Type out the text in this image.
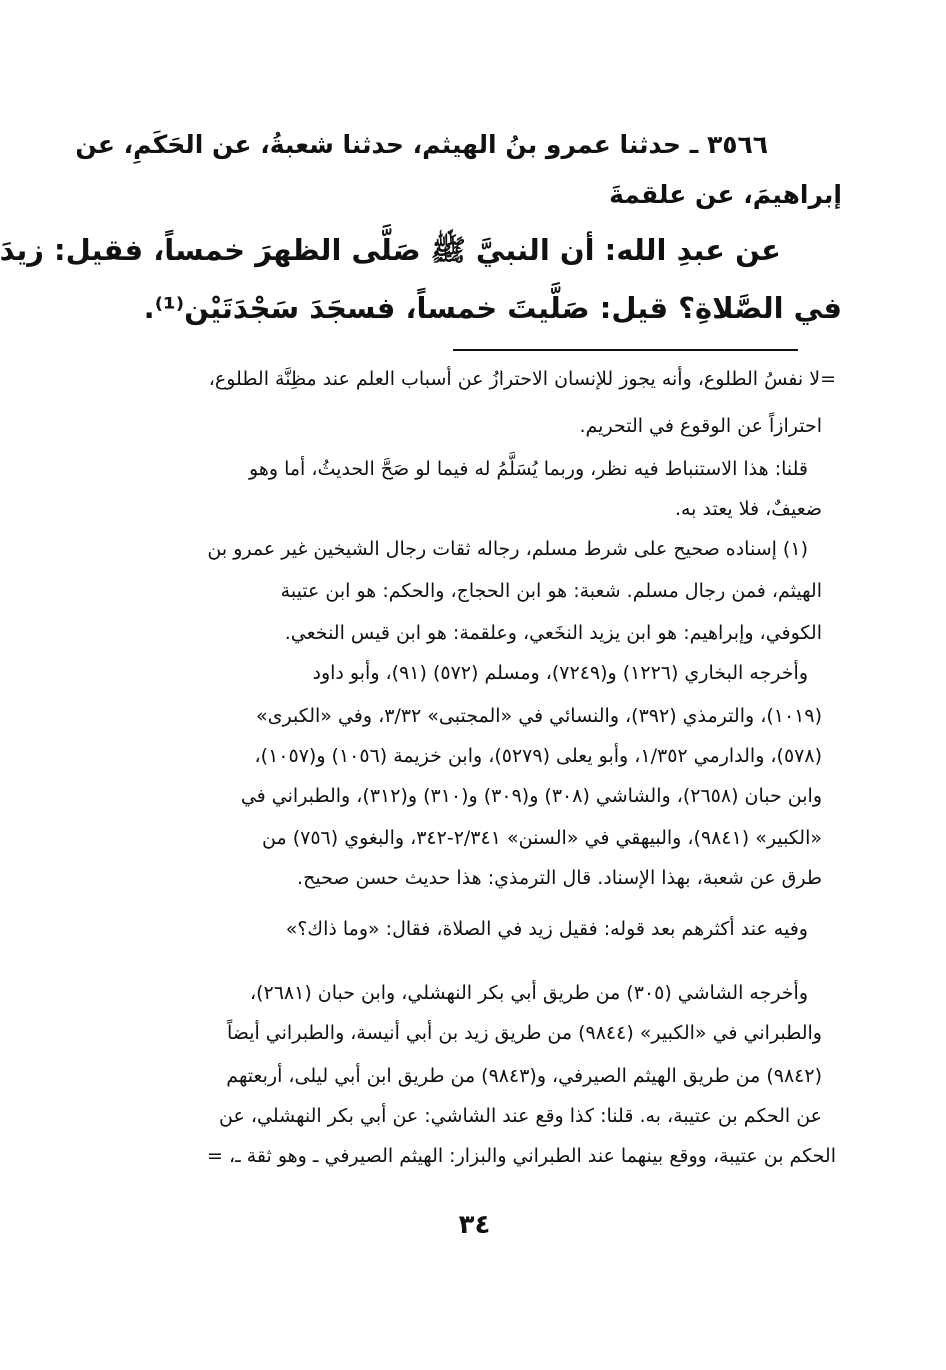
٣٥٦٦ ـ حدثنا عمرو بنُ الهيثم، حدثنا شعبةُ، عن الحَكَمِ، عن
إبراهيمَ، عن علقمةَ
عن عبدِ الله: أن النبيَّ ﷺ صَلَّى الظهرَ خمساً، فقيل: زيدَ
في الصَّلاةِ؟ قيل: صَلَّيتَ خمساً، فسجَدَ سَجْدَتَيْن⁽¹⁾.
=لا نفسُ الطلوع، وأنه يجوز للإنسان الاحترازُ عن أسباب العلم عند مظِنَّة الطلوع،
احترازاً عن الوقوع في التحريم.
قلنا: هذا الاستنباط فيه نظر، وربما يُسَلَّمُ له فيما لو صَحَّ الحديثُ، أما وهو
ضعيفٌ، فلا يعتد به.
(١) إسناده صحيح على شرط مسلم، رجاله ثقات رجال الشيخين غير عمرو بن
الهيثم، فمن رجال مسلم. شعبة: هو ابن الحجاج، والحكم: هو ابن عتيبة
الكوفي، وإبراهيم: هو ابن يزيد النخَعي، وعلقمة: هو ابن قيس النخعي.
وأخرجه البخاري (١٢٢٦) و(٧٢٤٩)، ومسلم (٥٧٢) (٩١)، وأبو داود
(١٠١٩)، والترمذي (٣٩٢)، والنسائي في «المجتبى» ٣/٣٢، وفي «الكبرى»
(٥٧٨)، والدارمي ١/٣٥٢، وأبو يعلى (٥٢٧٩)، وابن خزيمة (١٠٥٦) و(١٠٥٧)،
وابن حبان (٢٦٥٨)، والشاشي (٣٠٨) و(٣٠٩) و(٣١٠) و(٣١٢)، والطبراني في
«الكبير» (٩٨٤١)، والبيهقي في «السنن» ٢/٣٤١-٣٤٢، والبغوي (٧٥٦) من
طرق عن شعبة، بهذا الإسناد. قال الترمذي: هذا حديث حسن صحيح.
وفيه عند أكثرهم بعد قوله: فقيل زيد في الصلاة، فقال: «وما ذاك؟»
وأخرجه الشاشي (٣٠٥) من طريق أبي بكر النهشلي، وابن حبان (٢٦٨١)،
والطبراني في «الكبير» (٩٨٤٤) من طريق زيد بن أبي أنيسة، والطبراني أيضاً
(٩٨٤٢) من طريق الهيثم الصيرفي، و(٩٨٤٣) من طريق ابن أبي ليلى، أربعتهم
عن الحكم بن عتيبة، به. قلنا: كذا وقع عند الشاشي: عن أبي بكر النهشلي، عن
الحكم بن عتيبة، ووقع بينهما عند الطبراني والبزار: الهيثم الصيرفي ـ وهو ثقة ـ، =
٣٤
